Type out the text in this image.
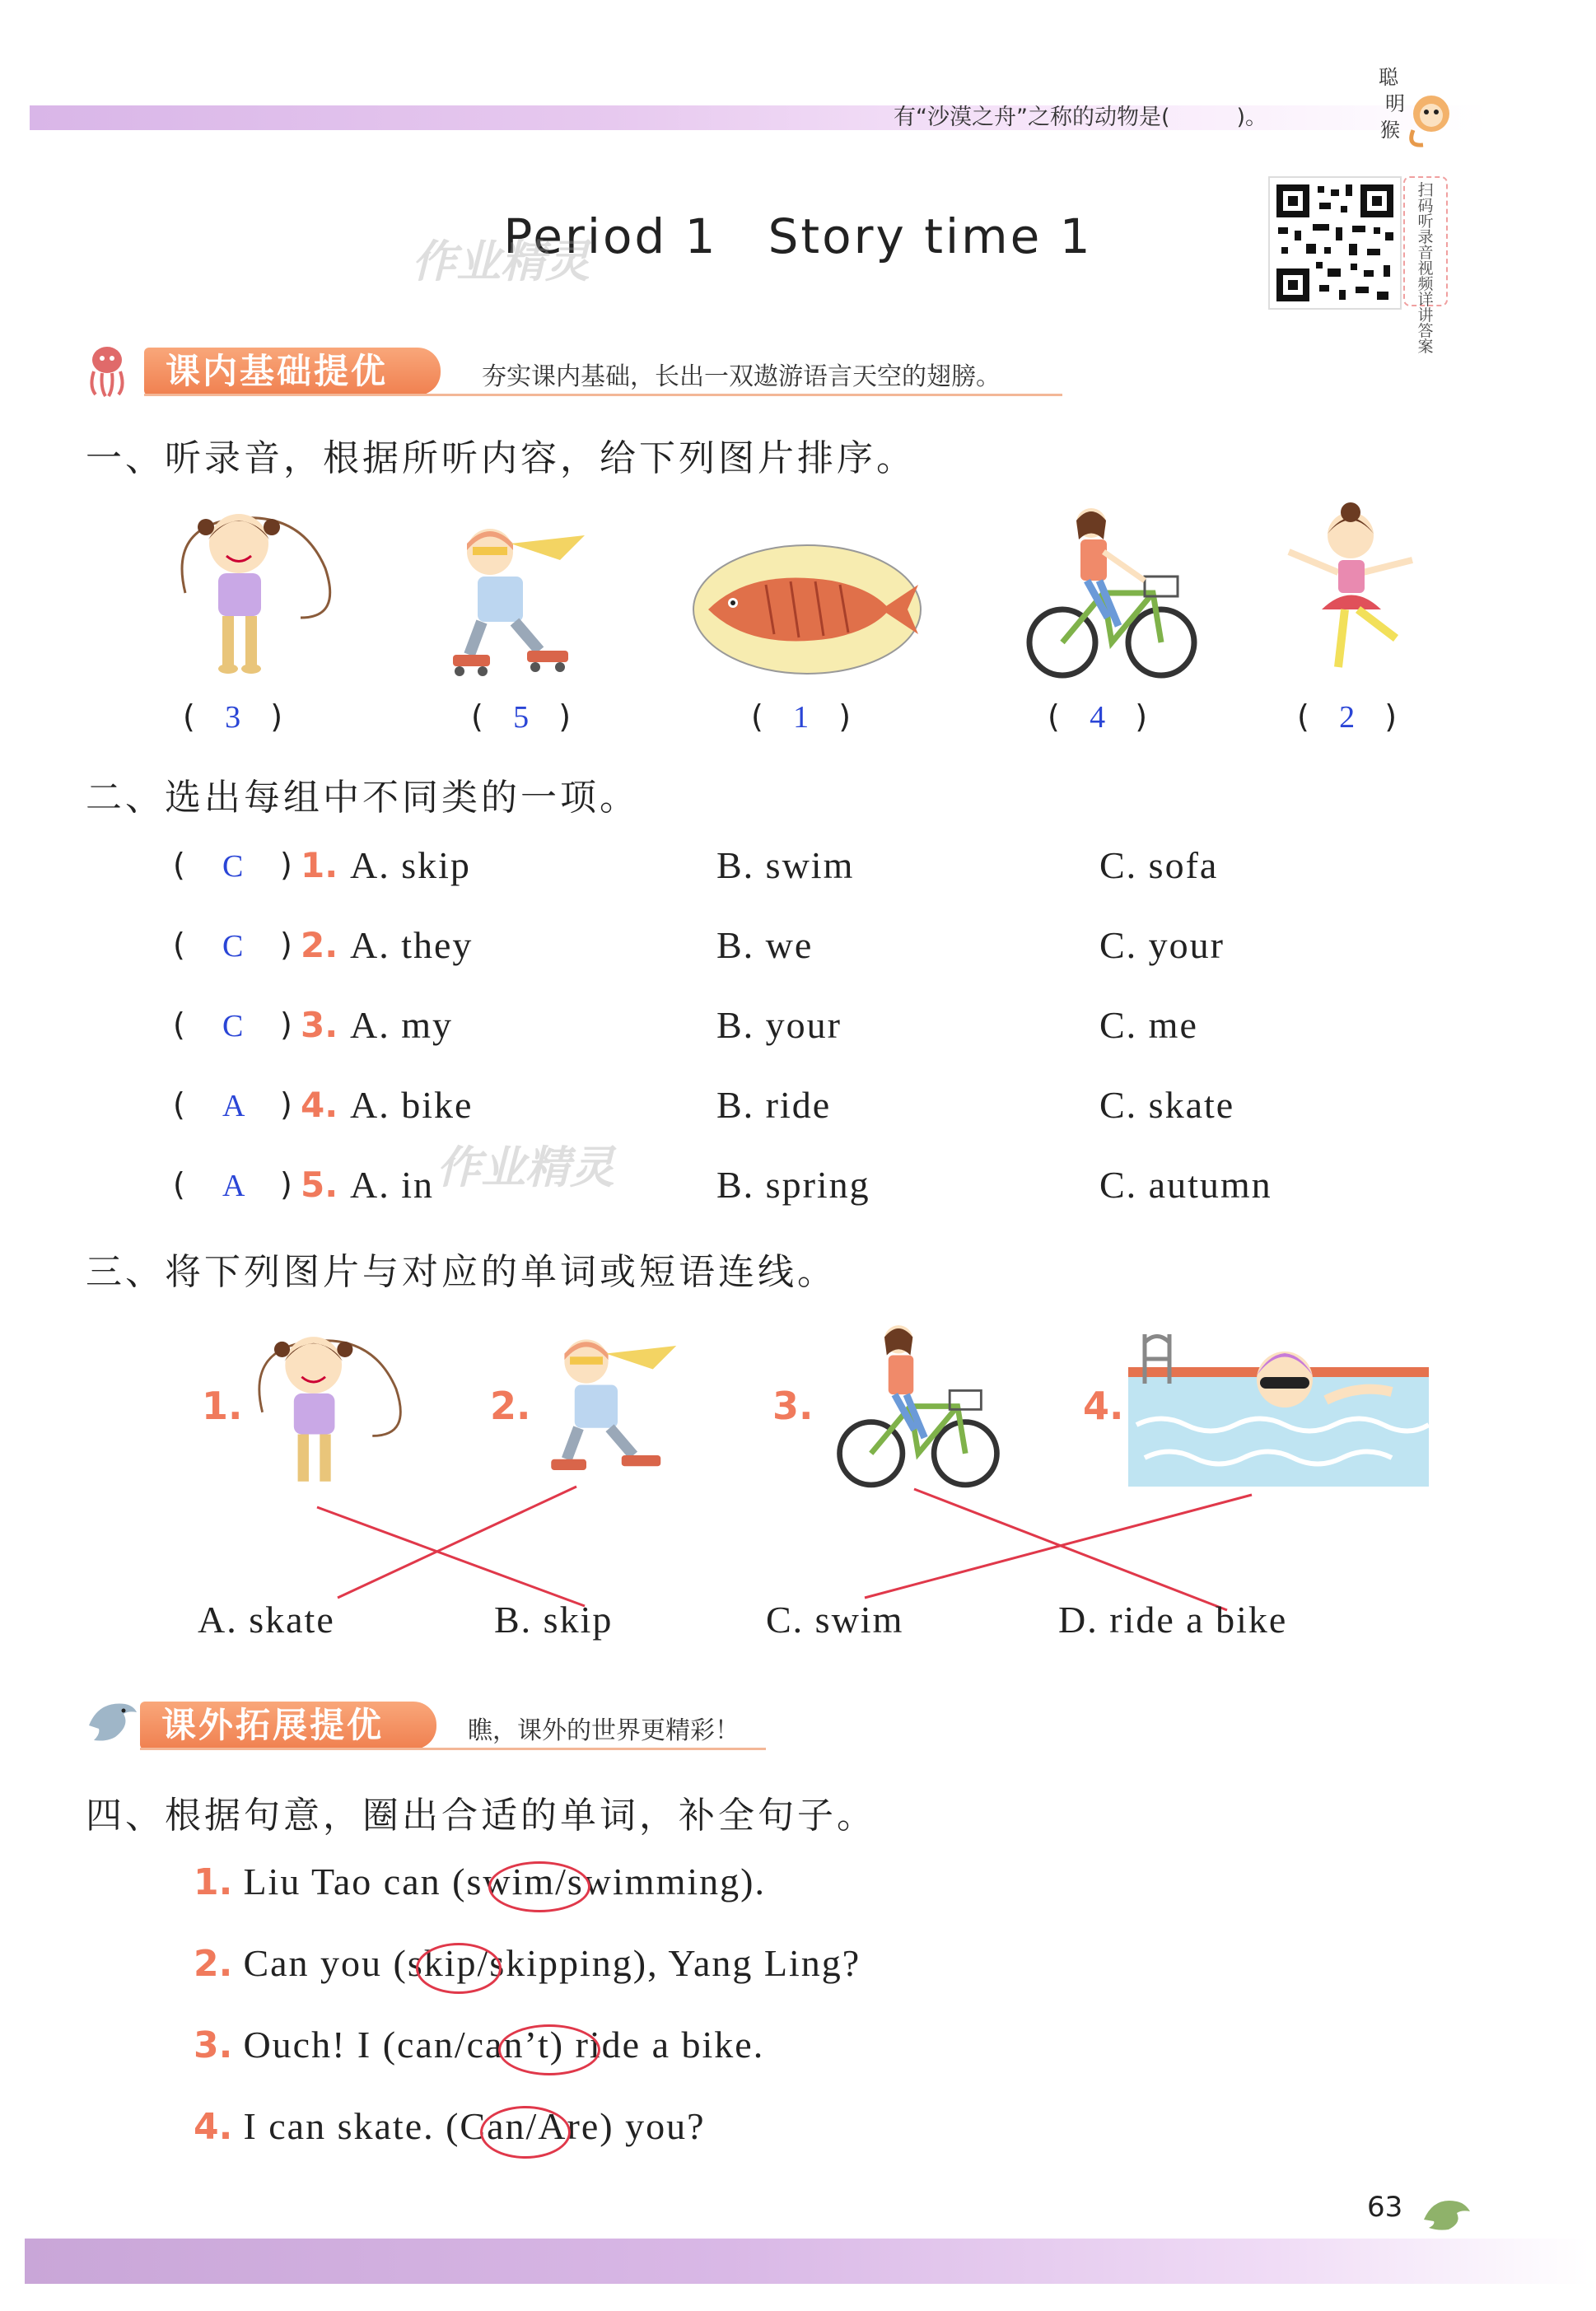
有“沙漠之舟”之称的动物是(　　　)。
聪
明
猴
Period 1　Story time 1
作业精灵
扫码听录音 视频详讲答案
课内基础提优	夯实课内基础，长出一双遨游语言天空的翅膀。
一、听录音，根据所听内容，给下列图片排序。
(   3   )	(   5   )	(   1   )	(   4   )	(   2   )
二、选出每组中不同类的一项。
( C ) 1. A. skip	B. swim	C. sofa
( C ) 2. A. they	B. we	C. your
( C ) 3. A. my	B. your	C. me
( A ) 4. A. bike	B. ride	C. skate
( A ) 5. A. in	B. spring	C. autumn
作业精灵
三、将下列图片与对应的单词或短语连线。
1.	2.	3.	4.
A. skate	B. skip	C. swim	D. ride a bike
课外拓展提优	瞧，课外的世界更精彩！
四、根据句意，圈出合适的单词，补全句子。
1. Liu Tao can (swim/swimming).
2. Can you (skip/skipping), Yang Ling?
3. Ouch! I (can/can’t) ride a bike.
4. I can skate. (Can/Are) you?
63
